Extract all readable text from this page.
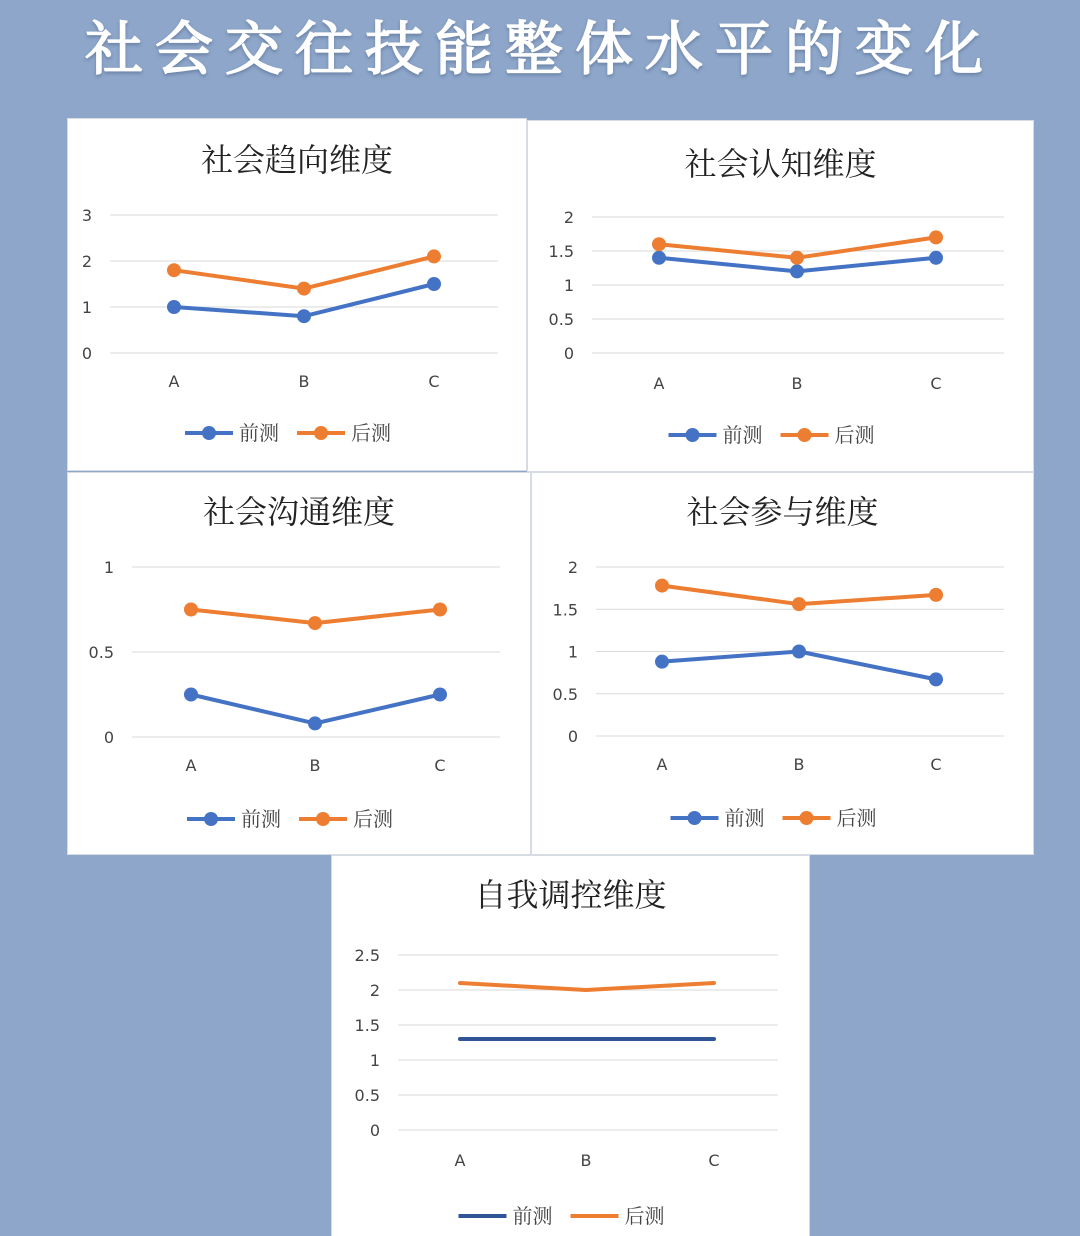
社会交往技能整体水平的变化
社会趋向维度
0
1
2
3
A	B	C
前测	后测
社会认知维度
0
0.5
1
1.5
2
A	B	C
前测	后测
社会沟通维度
0
0.5
1
A	B	C
前测	后测
社会参与维度
0
0.5
1
1.5
2
A	B	C
前测	后测
自我调控维度
0
0.5
1
1.5
2
2.5
A	B	C
前测	后测
